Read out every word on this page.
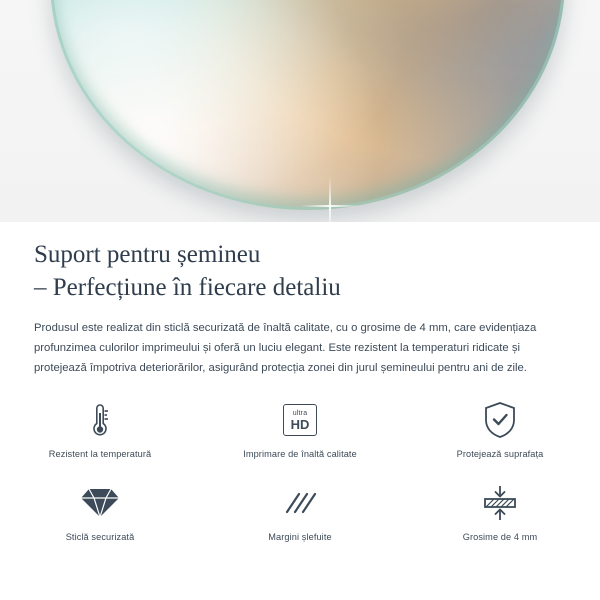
Suport pentru șemineu
– Perfecțiune în fiecare detaliu

Produsul este realizat din sticlă securizată de înaltă calitate, cu o grosime de 4 mm, care evidențiaza profunzimea culorilor imprimeului și oferă un luciu elegant. Este rezistent la temperaturi ridicate și protejează împotriva deteriorărilor, asigurând protecția zonei din jurul șemineului pentru ani de zile.

Rezistent la temperatură
ultra
HD
Imprimare de înaltă calitate	Protejează suprafața
Sticlă securizată	Margini șlefuite	Grosime de 4 mm
